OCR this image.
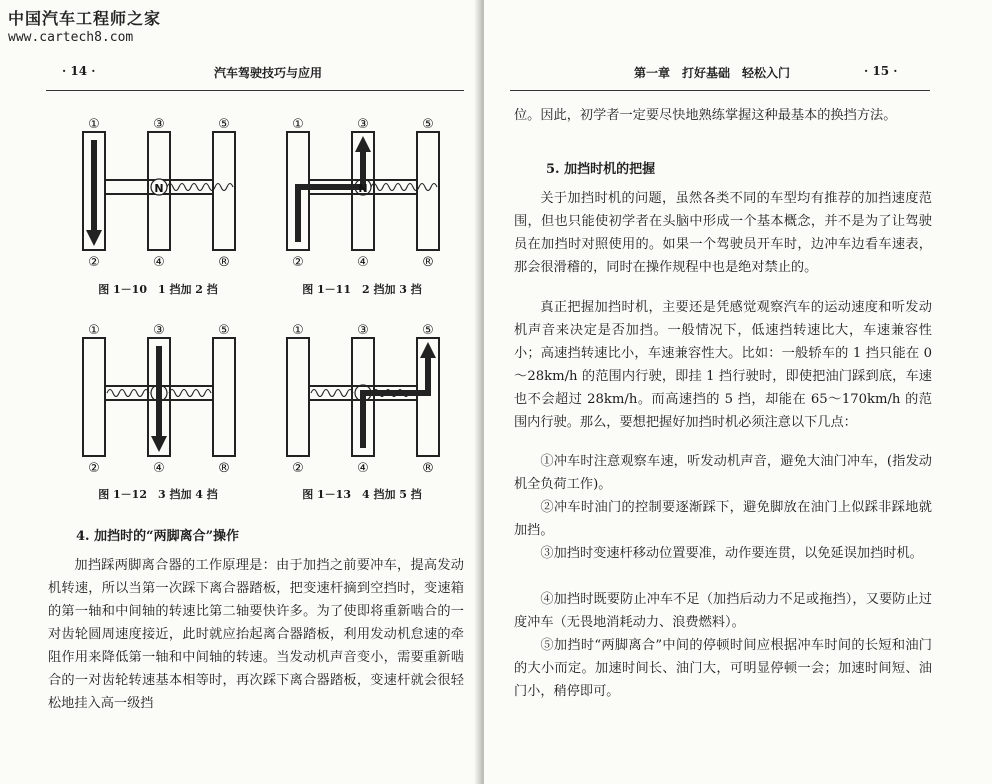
中国汽车工程师之家
www.cartech8.com
· 14 ·	汽车驾驶技巧与应用
①	③	⑤
②	④	®
N
图 1－10　1 挡加 2 挡
①	③	⑤
②	④	®
N
图 1－11　2 挡加 3 挡
①	③	⑤
②	④	®
图 1－12　3 挡加 4 挡
①	③	⑤
②	④	®
图 1－13　4 挡加 5 挡
4. 加挡时的“两脚离合”操作

加挡踩两脚离合器的工作原理是：由于加挡之前要冲车，提高发动机转速，所以当第一次踩下离合器踏板，把变速杆摘到空挡时，变速箱的第一轴和中间轴的转速比第二轴要快许多。为了使即将重新啮合的一对齿轮圆周速度接近，此时就应抬起离合器踏板，利用发动机怠速的牵阻作用来降低第一轴和中间轴的转速。当发动机声音变小，需要重新啮合的一对齿轮转速基本相等时，再次踩下离合器踏板，变速杆就会很轻松地挂入高一级挡

第一章　打好基础　轻松入门	· 15 ·

位。因此，初学者一定要尽快地熟练掌握这种最基本的换挡方法。

5. 加挡时机的把握

关于加挡时机的问题，虽然各类不同的车型均有推荐的加挡速度范围，但也只能使初学者在头脑中形成一个基本概念，并不是为了让驾驶员在加挡时对照使用的。如果一个驾驶员开车时，边冲车边看车速表，那会很滑稽的，同时在操作规程中也是绝对禁止的。

真正把握加挡时机，主要还是凭感觉观察汽车的运动速度和听发动机声音来决定是否加挡。一般情况下，低速挡转速比大，车速兼容性小；高速挡转速比小，车速兼容性大。比如：一般轿车的 1 挡只能在 0～28km/h 的范围内行驶，即挂 1 挡行驶时，即使把油门踩到底，车速也不会超过 28km/h。而高速挡的 5 挡，却能在 65～170km/h 的范围内行驶。那么，要想把握好加挡时机必须注意以下几点：

①冲车时注意观察车速，听发动机声音，避免大油门冲车，(指发动机全负荷工作)。

②冲车时油门的控制要逐渐踩下，避免脚放在油门上似踩非踩地就加挡。

③加挡时变速杆移动位置要准，动作要连贯，以免延误加挡时机。

④加挡时既要防止冲车不足（加挡后动力不足或拖挡），又要防止过度冲车（无畏地消耗动力、浪费燃料）。

⑤加挡时“两脚离合”中间的停顿时间应根据冲车时间的长短和油门的大小而定。加速时间长、油门大，可明显停顿一会；加速时间短、油门小，稍停即可。
